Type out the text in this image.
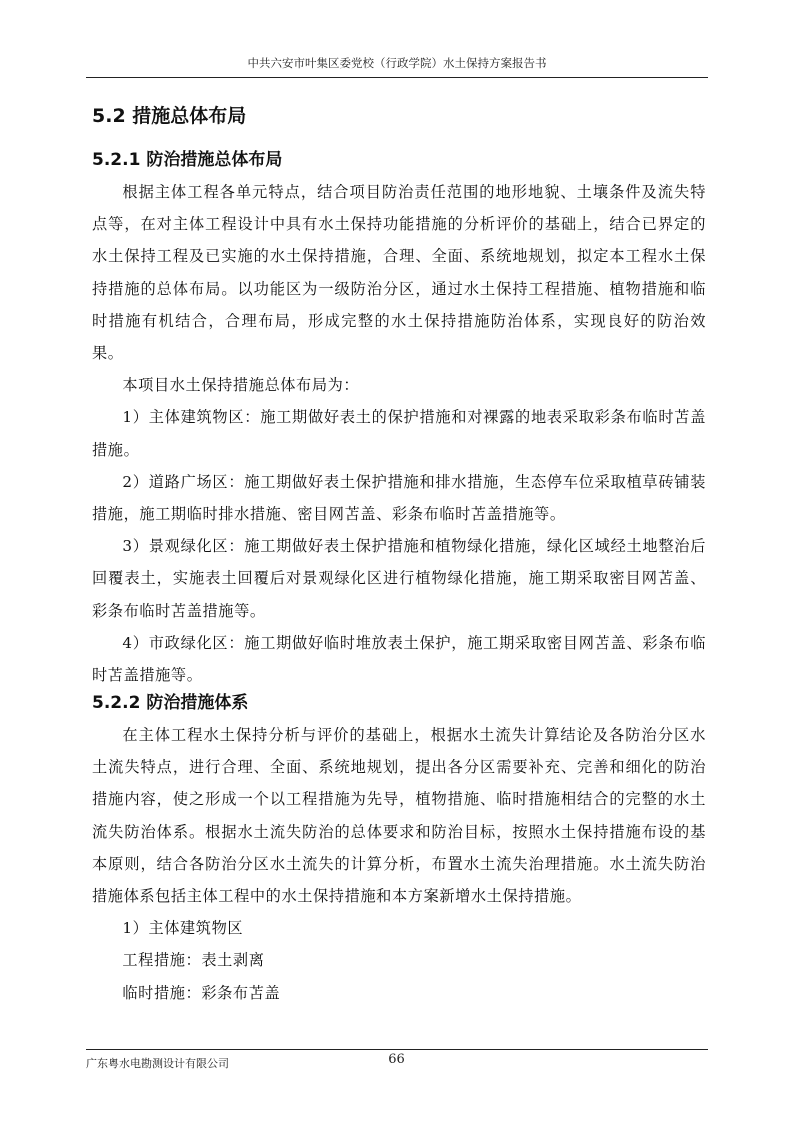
中共六安市叶集区委党校（行政学院）水土保持方案报告书
5.2 措施总体布局
5.2.1 防治措施总体布局

根据主体工程各单元特点，结合项目防治责任范围的地形地貌、土壤条件及流失特点等，在对主体工程设计中具有水土保持功能措施的分析评价的基础上，结合已界定的水土保持工程及已实施的水土保持措施，合理、全面、系统地规划，拟定本工程水土保持措施的总体布局。以功能区为一级防治分区，通过水土保持工程措施、植物措施和临时措施有机结合，合理布局，形成完整的水土保持措施防治体系，实现良好的防治效果。

本项目水土保持措施总体布局为：

1）主体建筑物区：施工期做好表土的保护措施和对裸露的地表采取彩条布临时苫盖措施。

2）道路广场区：施工期做好表土保护措施和排水措施，生态停车位采取植草砖铺装措施，施工期临时排水措施、密目网苫盖、彩条布临时苫盖措施等。

3）景观绿化区：施工期做好表土保护措施和植物绿化措施，绿化区域经土地整治后回覆表土，实施表土回覆后对景观绿化区进行植物绿化措施，施工期采取密目网苫盖、彩条布临时苫盖措施等。

4）市政绿化区：施工期做好临时堆放表土保护，施工期采取密目网苫盖、彩条布临时苫盖措施等。

5.2.2 防治措施体系

在主体工程水土保持分析与评价的基础上，根据水土流失计算结论及各防治分区水土流失特点，进行合理、全面、系统地规划，提出各分区需要补充、完善和细化的防治措施内容，使之形成一个以工程措施为先导，植物措施、临时措施相结合的完整的水土流失防治体系。根据水土流失防治的总体要求和防治目标，按照水土保持措施布设的基本原则，结合各防治分区水土流失的计算分析，布置水土流失治理措施。水土流失防治措施体系包括主体工程中的水土保持措施和本方案新增水土保持措施。

1）主体建筑物区

工程措施：表土剥离

临时措施：彩条布苫盖

广东粤水电勘测设计有限公司	66
